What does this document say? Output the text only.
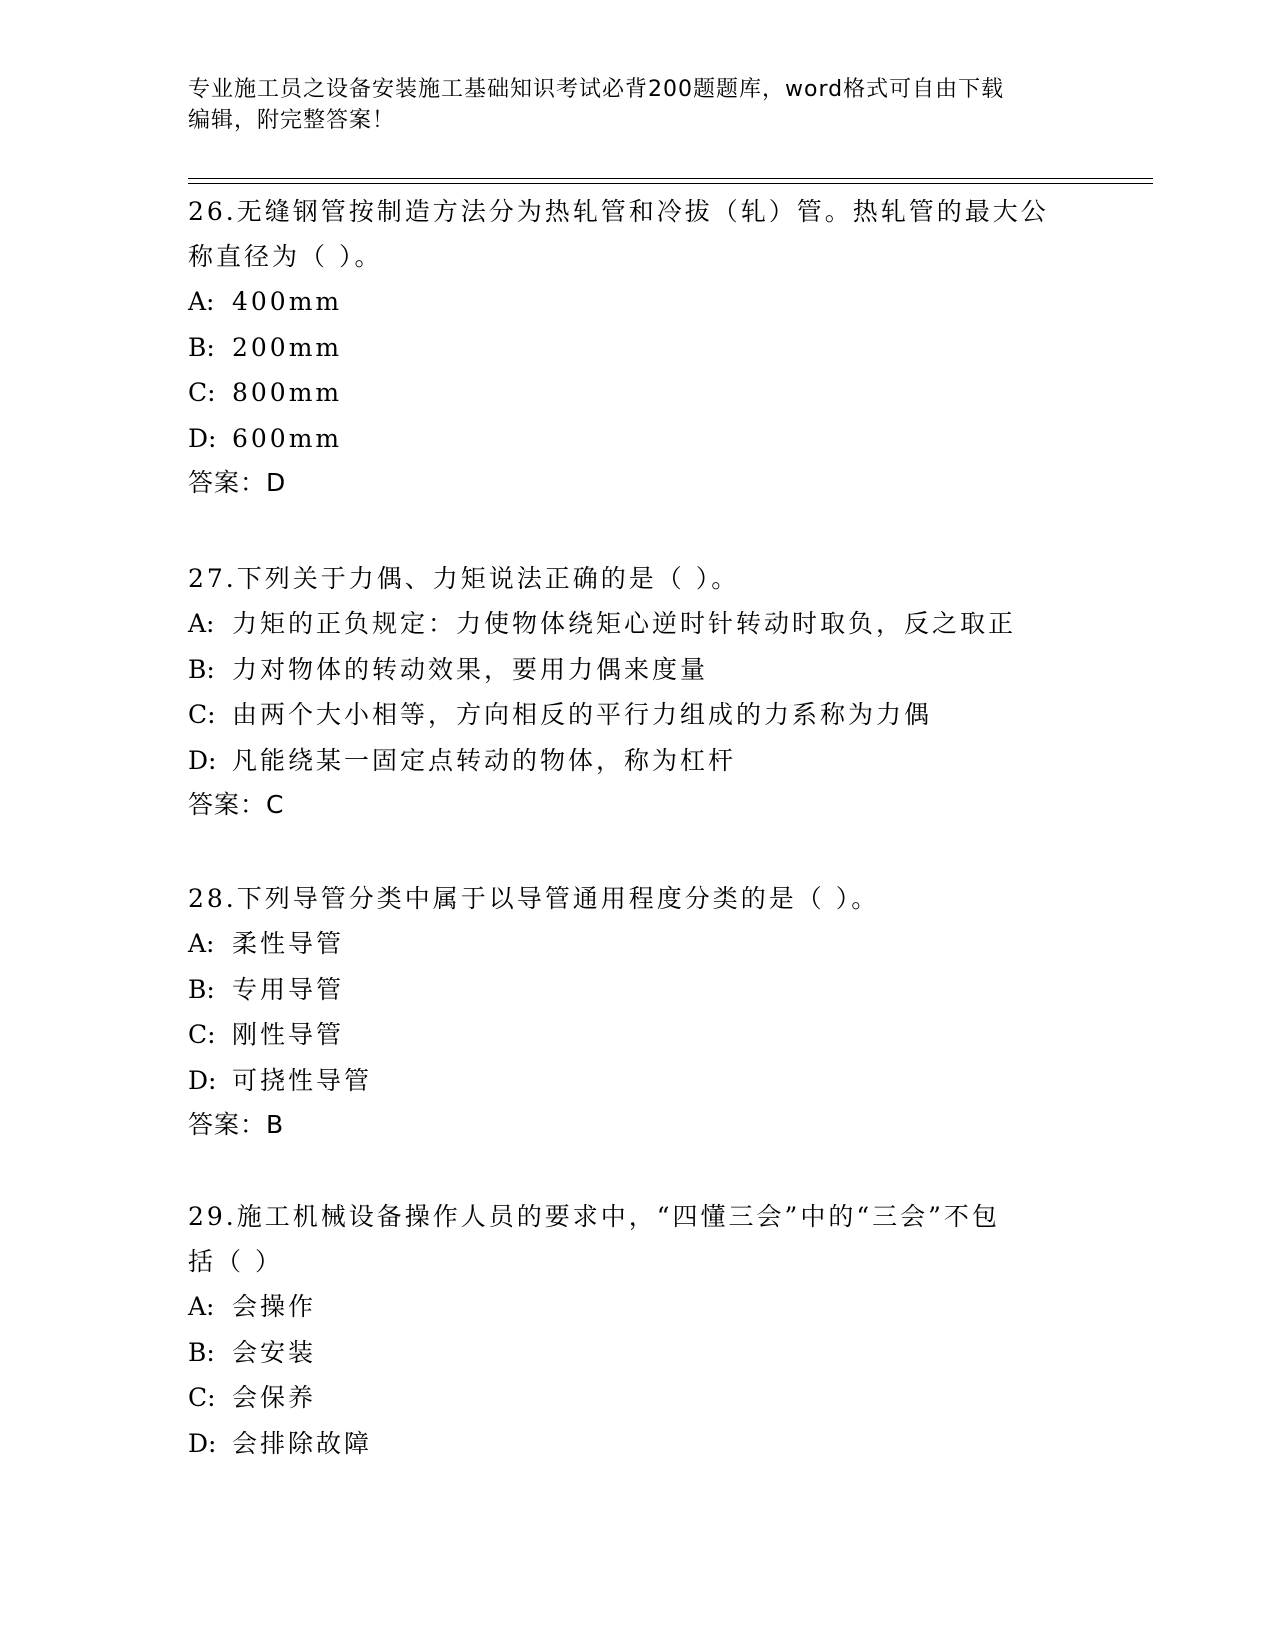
专业施工员之设备安装施工基础知识考试必背200题题库，word格式可自由下载
编辑，附完整答案！
26.无缝钢管按制造方法分为热轧管和冷拔（轧）管。热轧管的最大公
称直径为（ ）。
A: 400mm
B: 200mm
C: 800mm
D: 600mm
答案：D
27.下列关于力偶、力矩说法正确的是（ ）。
A: 力矩的正负规定：力使物体绕矩心逆时针转动时取负，反之取正
B: 力对物体的转动效果，要用力偶来度量
C: 由两个大小相等，方向相反的平行力组成的力系称为力偶
D: 凡能绕某一固定点转动的物体，称为杠杆
答案：C
28.下列导管分类中属于以导管通用程度分类的是（ ）。
A: 柔性导管
B: 专用导管
C: 刚性导管
D: 可挠性导管
答案：B
29.施工机械设备操作人员的要求中，“四懂三会”中的“三会”不包
括（ ）
A: 会操作
B: 会安装
C: 会保养
D: 会排除故障
